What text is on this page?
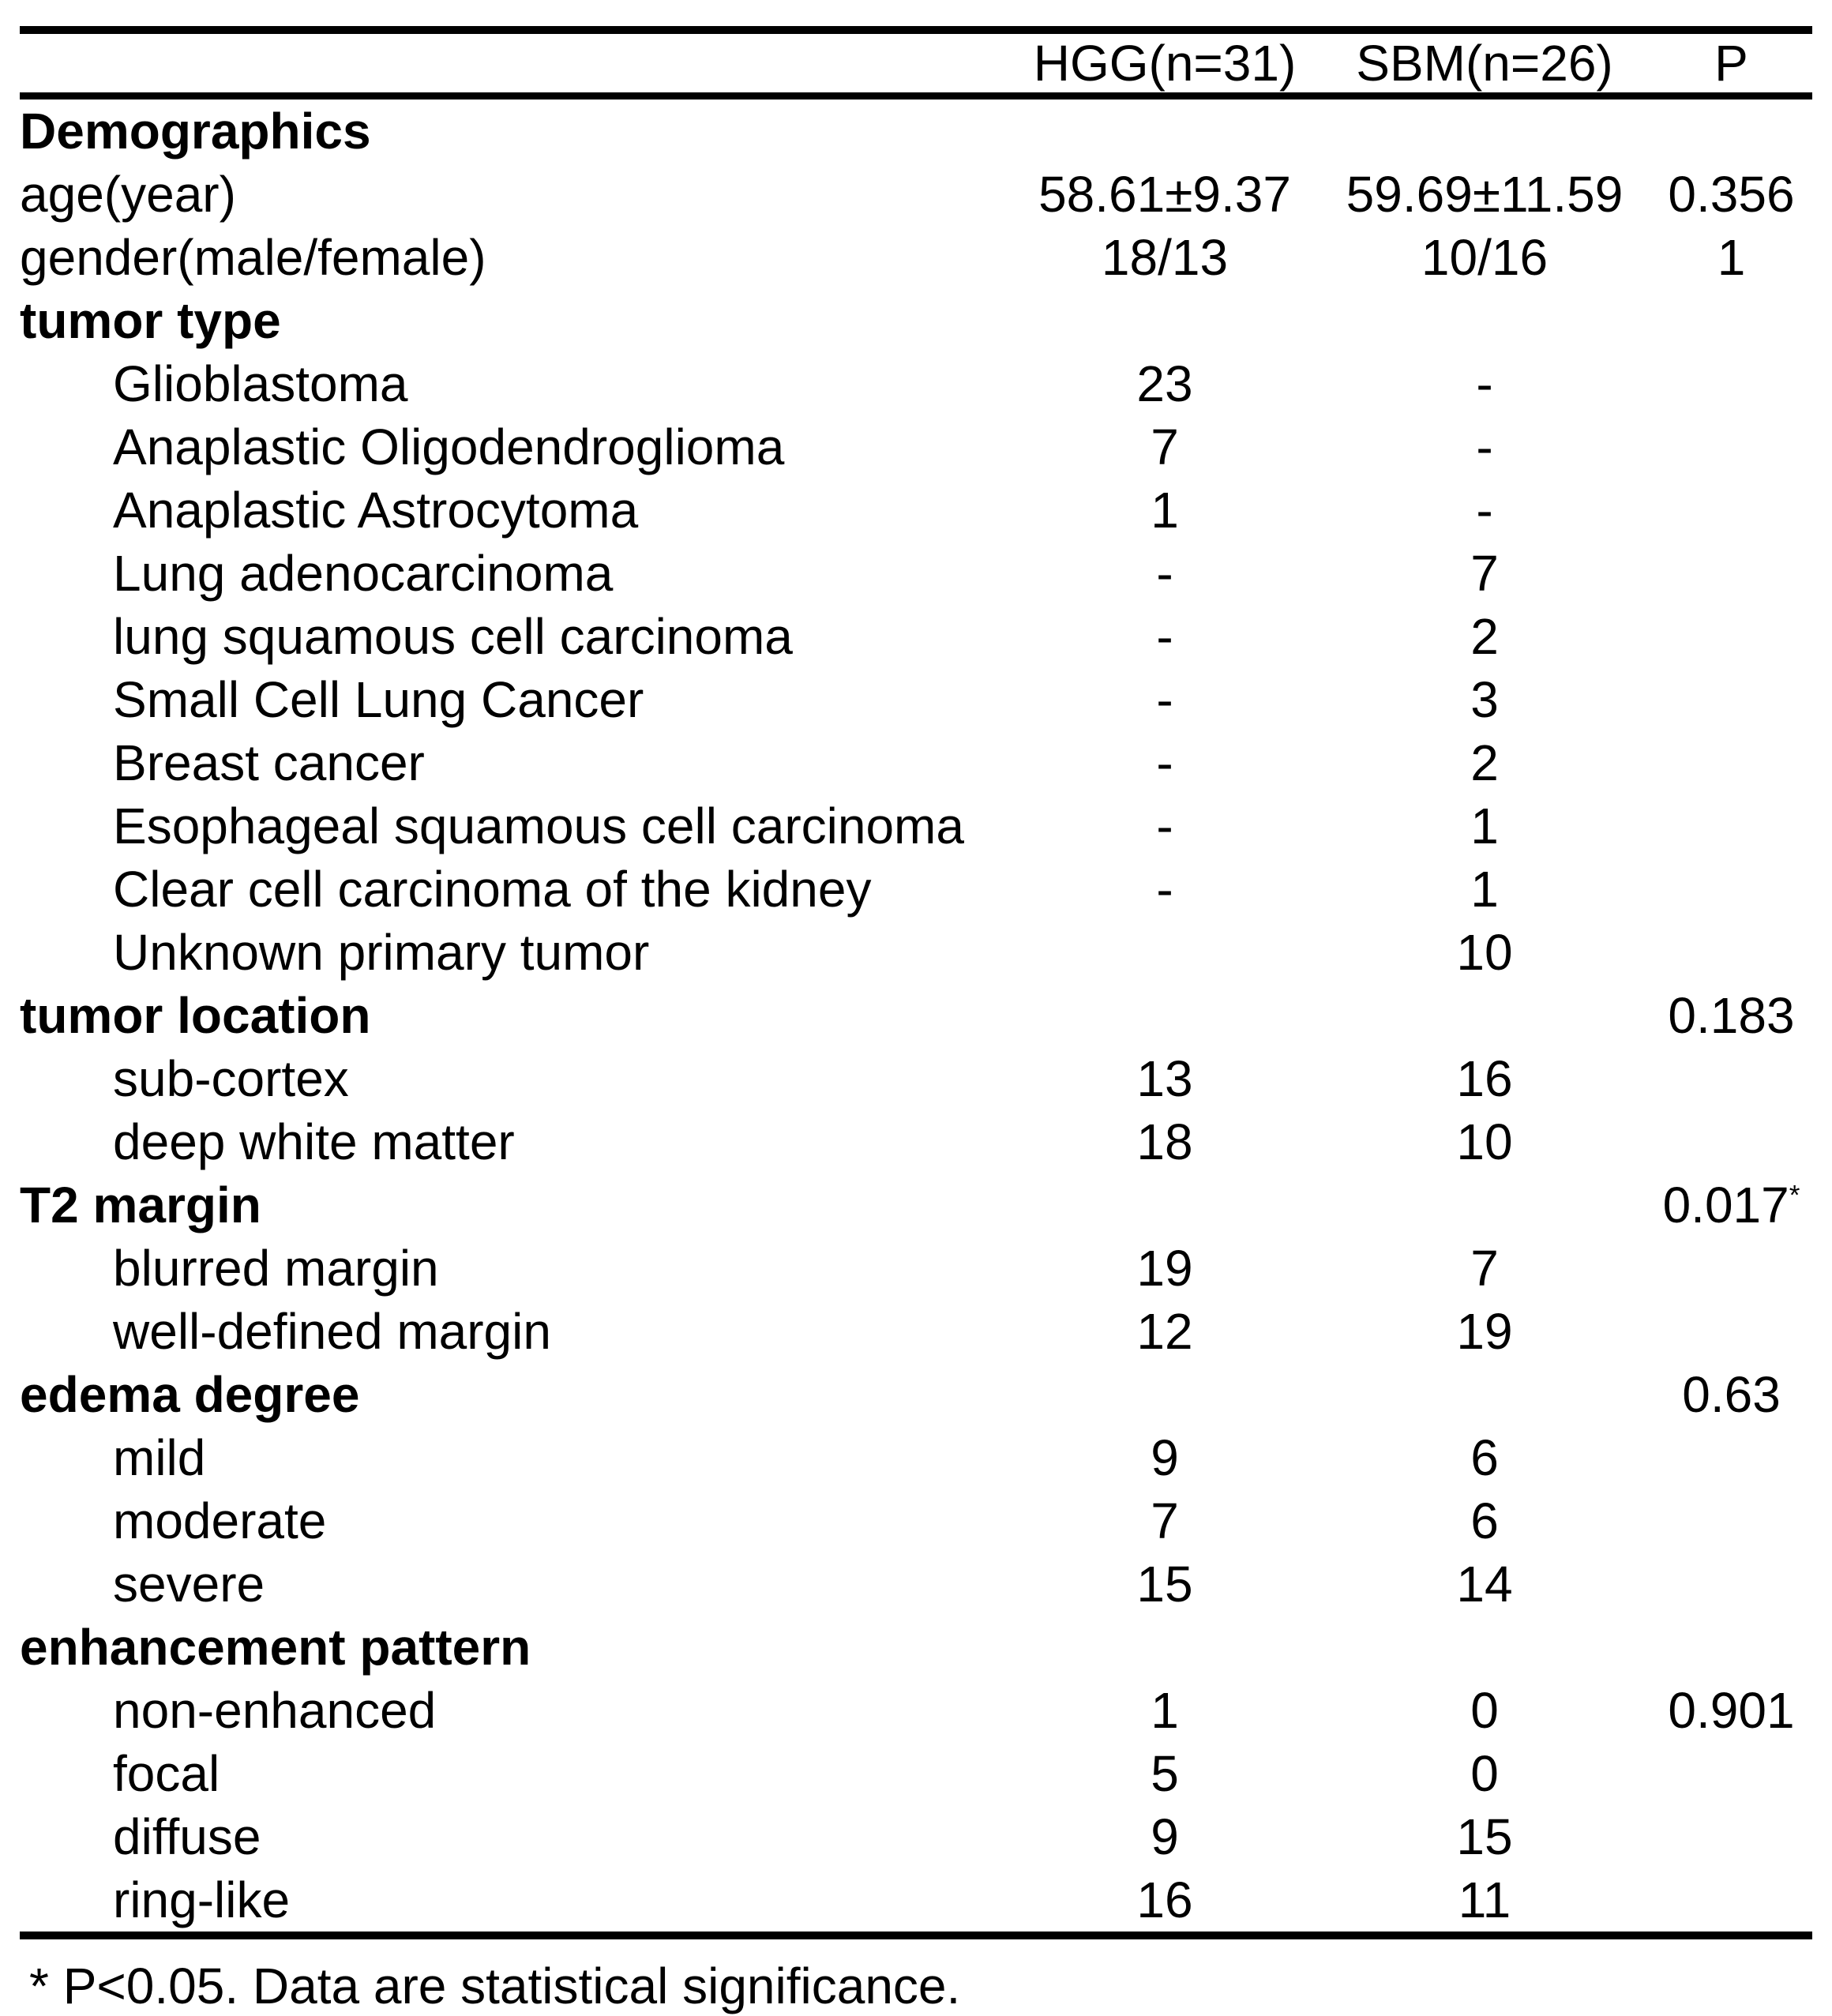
	HGG(n=31)	SBM(n=26)	P
Demographics			
age(year)	58.61±9.37	59.69±11.59	0.356
gender(male/female)	18/13	10/16	1
tumor type			
Glioblastoma	23	-	
Anaplastic Oligodendroglioma	7	-	
Anaplastic Astrocytoma	1	-	
Lung adenocarcinoma	-	7	
lung squamous cell carcinoma	-	2	
Small Cell Lung Cancer	-	3	
Breast cancer	-	2	
Esophageal squamous cell carcinoma	-	1	
Clear cell carcinoma of the kidney	-	1	
Unknown primary tumor		10	
tumor location			0.183
sub-cortex	13	16	
deep white matter	18	10	
T2 margin			0.017*
blurred margin	19	7	
well-defined margin	12	19	
edema degree			0.63
mild	9	6	
moderate	7	6	
severe	15	14	
enhancement pattern			
non-enhanced	1	0	0.901
focal	5	0	
diffuse	9	15	
ring-like	16	11	
* P<0.05. Data are statistical significance.
